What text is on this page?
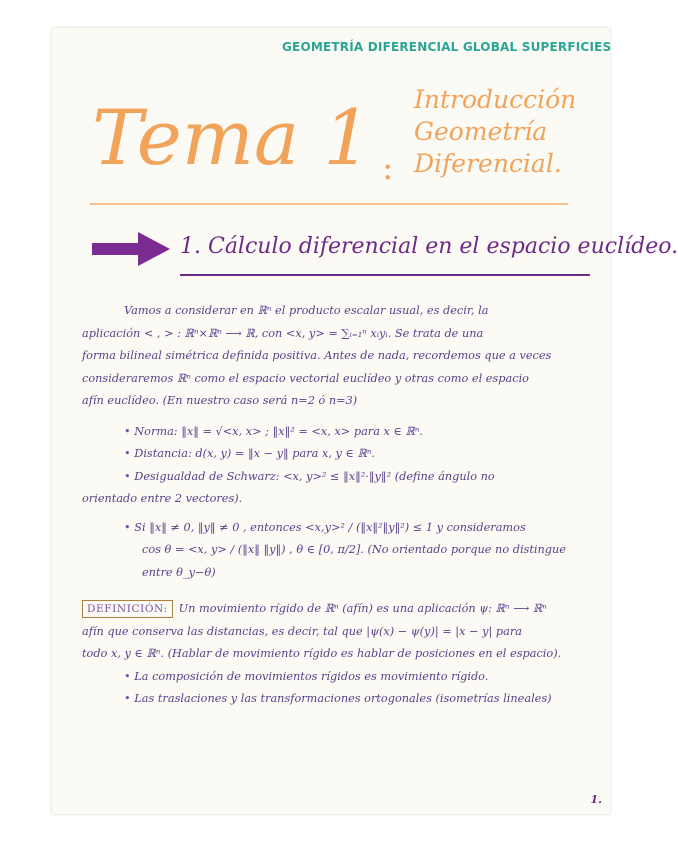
GEOMETRÍA DIFERENCIAL GLOBAL SUPERFICIES
Tema 1 :
Introducción
Geometría
Diferencial.
1. Cálculo diferencial en el espacio euclídeo.

Vamos a considerar en ℝⁿ el producto escalar usual, es decir, la

aplicación < , > : ℝⁿ×ℝⁿ ⟶ ℝ, con <x, y> = ∑ᵢ₌₁ⁿ xᵢyᵢ. Se trata de una

forma bilineal simétrica definida positiva. Antes de nada, recordemos que a veces

consideraremos ℝⁿ como el espacio vectorial euclídeo y otras como el espacio

afín euclídeo. (En nuestro caso será n=2 ó n=3)

• Norma: ‖x‖ = √<x, x> ; ‖x‖² = <x, x> para x ∈ ℝⁿ.

• Distancia: d(x, y) = ‖x − y‖ para x, y ∈ ℝⁿ.

• Desigualdad de Schwarz: <x, y>² ≤ ‖x‖²·‖y‖² (define ángulo no

orientado entre 2 vectores).

• Si ‖x‖ ≠ 0, ‖y‖ ≠ 0 , entonces <x,y>² / (‖x‖²‖y‖²) ≤ 1 y consideramos

cos θ = <x, y> / (‖x‖ ‖y‖) , θ ∈ [0, π/2]. (No orientado porque no distingue entre θ_y−θ)

DEFINICIÓN: Un movimiento rígido de ℝⁿ (afín) es una aplicación ψ: ℝⁿ ⟶ ℝⁿ

afín que conserva las distancias, es decir, tal que |ψ(x) − ψ(y)| = |x − y| para

todo x, y ∈ ℝⁿ. (Hablar de movimiento rígido es hablar de posiciones en el espacio).

• La composición de movimientos rígidos es movimiento rígido.

• Las traslaciones y las transformaciones ortogonales (isometrías lineales)

1.
